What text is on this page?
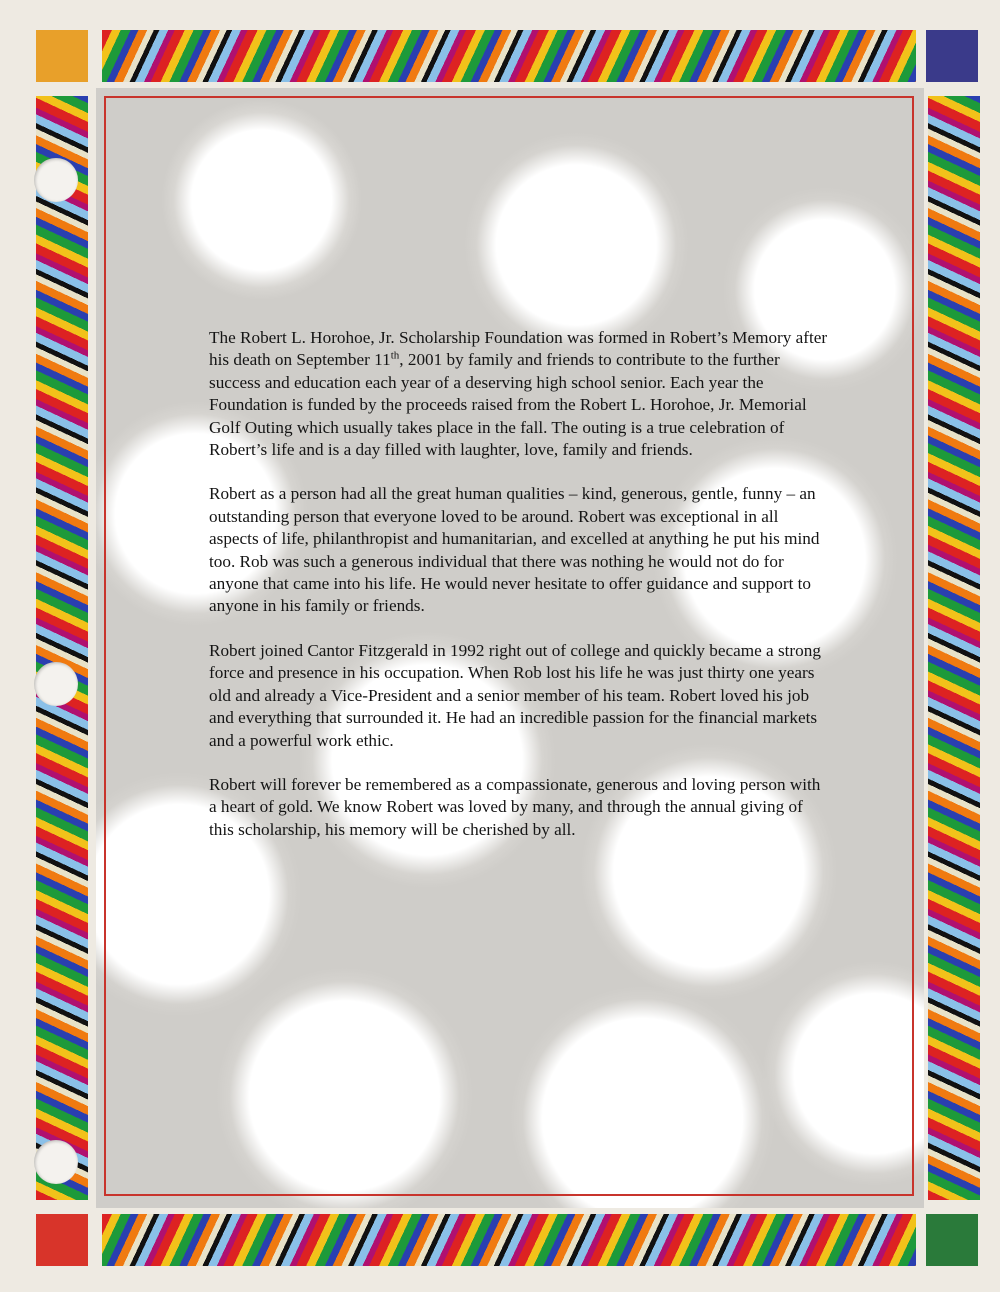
The Robert L. Horohoe, Jr. Scholarship Foundation was formed in Robert’s Memory after his death on September 11th, 2001 by family and friends to contribute to the further success and education each year of a deserving high school senior. Each year the Foundation is funded by the proceeds raised from the Robert L. Horohoe, Jr. Memorial Golf Outing which usually takes place in the fall. The outing is a true celebration of Robert’s life and is a day filled with laughter, love, family and friends.

Robert as a person had all the great human qualities – kind, generous, gentle, funny – an outstanding person that everyone loved to be around. Robert was exceptional in all aspects of life, philanthropist and humanitarian, and excelled at anything he put his mind too. Rob was such a generous individual that there was nothing he would not do for anyone that came into his life. He would never hesitate to offer guidance and support to anyone in his family or friends.

Robert joined Cantor Fitzgerald in 1992 right out of college and quickly became a strong force and presence in his occupation. When Rob lost his life he was just thirty one years old and already a Vice-President and a senior member of his team. Robert loved his job and everything that surrounded it. He had an incredible passion for the financial markets and a powerful work ethic.

Robert will forever be remembered as a compassionate, generous and loving person with a heart of gold. We know Robert was loved by many, and through the annual giving of this scholarship, his memory will be cherished by all.
